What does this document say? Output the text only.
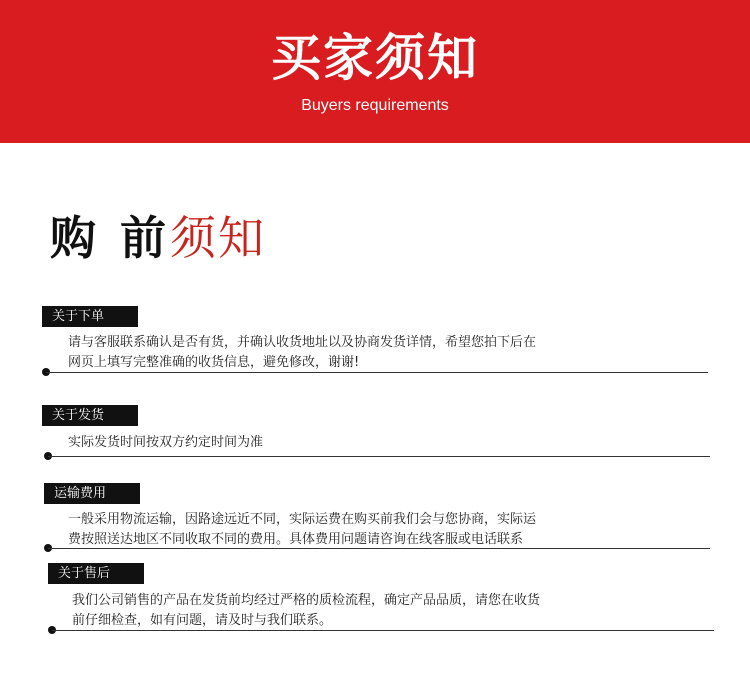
买家须知
Buyers requirements
购 前须知
关于下单

请与客服联系确认是否有货，并确认收货地址以及协商发货详情，希望您拍下后在

网页上填写完整准确的收货信息，避免修改，谢谢!

关于发货

实际发货时间按双方约定时间为准

运输费用

一般采用物流运输，因路途远近不同，实际运费在购买前我们会与您协商，实际运

费按照送达地区不同收取不同的费用。具体费用问题请咨询在线客服或电话联系

关于售后

我们公司销售的产品在发货前均经过严格的质检流程，确定产品品质，请您在收货

前仔细检查，如有问题，请及时与我们联系。
